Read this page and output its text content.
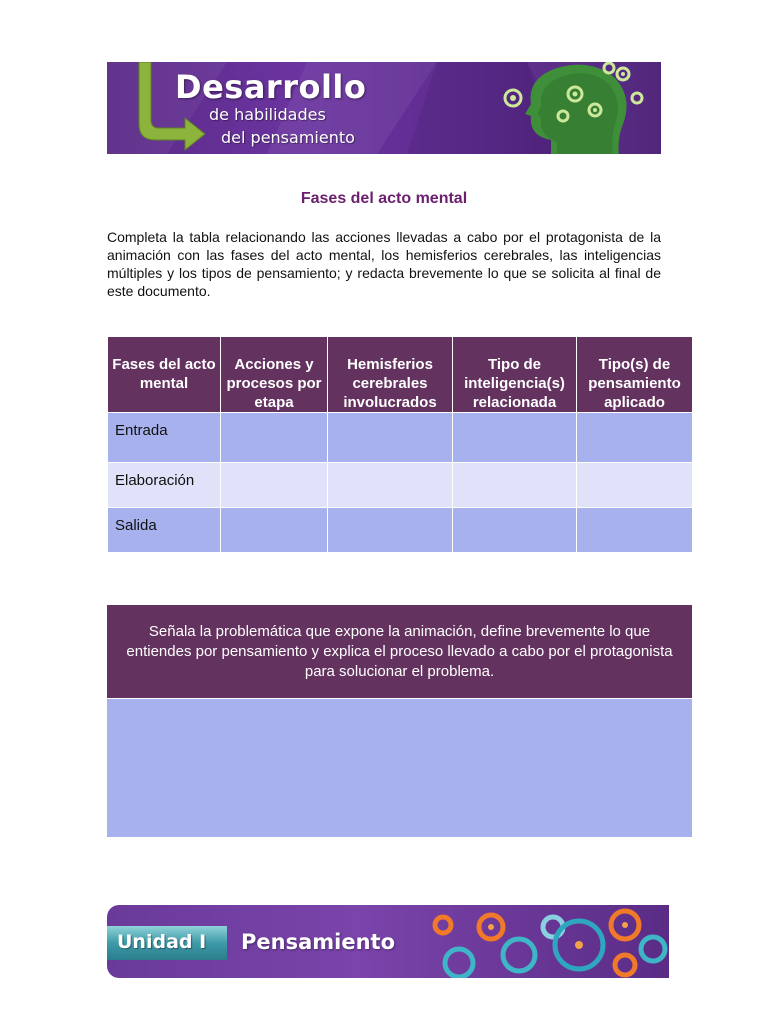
Desarrollo
de habilidades
del pensamiento
Fases del acto mental
Completa la tabla relacionando las acciones llevadas a cabo por el protagonista de la animación con las fases del acto mental, los hemisferios cerebrales, las inteligencias múltiples y los tipos de pensamiento; y redacta brevemente lo que se solicita al final de este documento.
Fases del acto mental	Acciones y procesos por etapa	Hemisferios cerebrales involucrados	Tipo de inteligencia(s) relacionada	Tipo(s) de pensamiento aplicado
Entrada				
Elaboración				
Salida				
Señala la problemática que expone la animación, define brevemente lo que entiendes por pensamiento y explica el proceso llevado a cabo por el protagonista para solucionar el problema.
Unidad I Pensamiento
